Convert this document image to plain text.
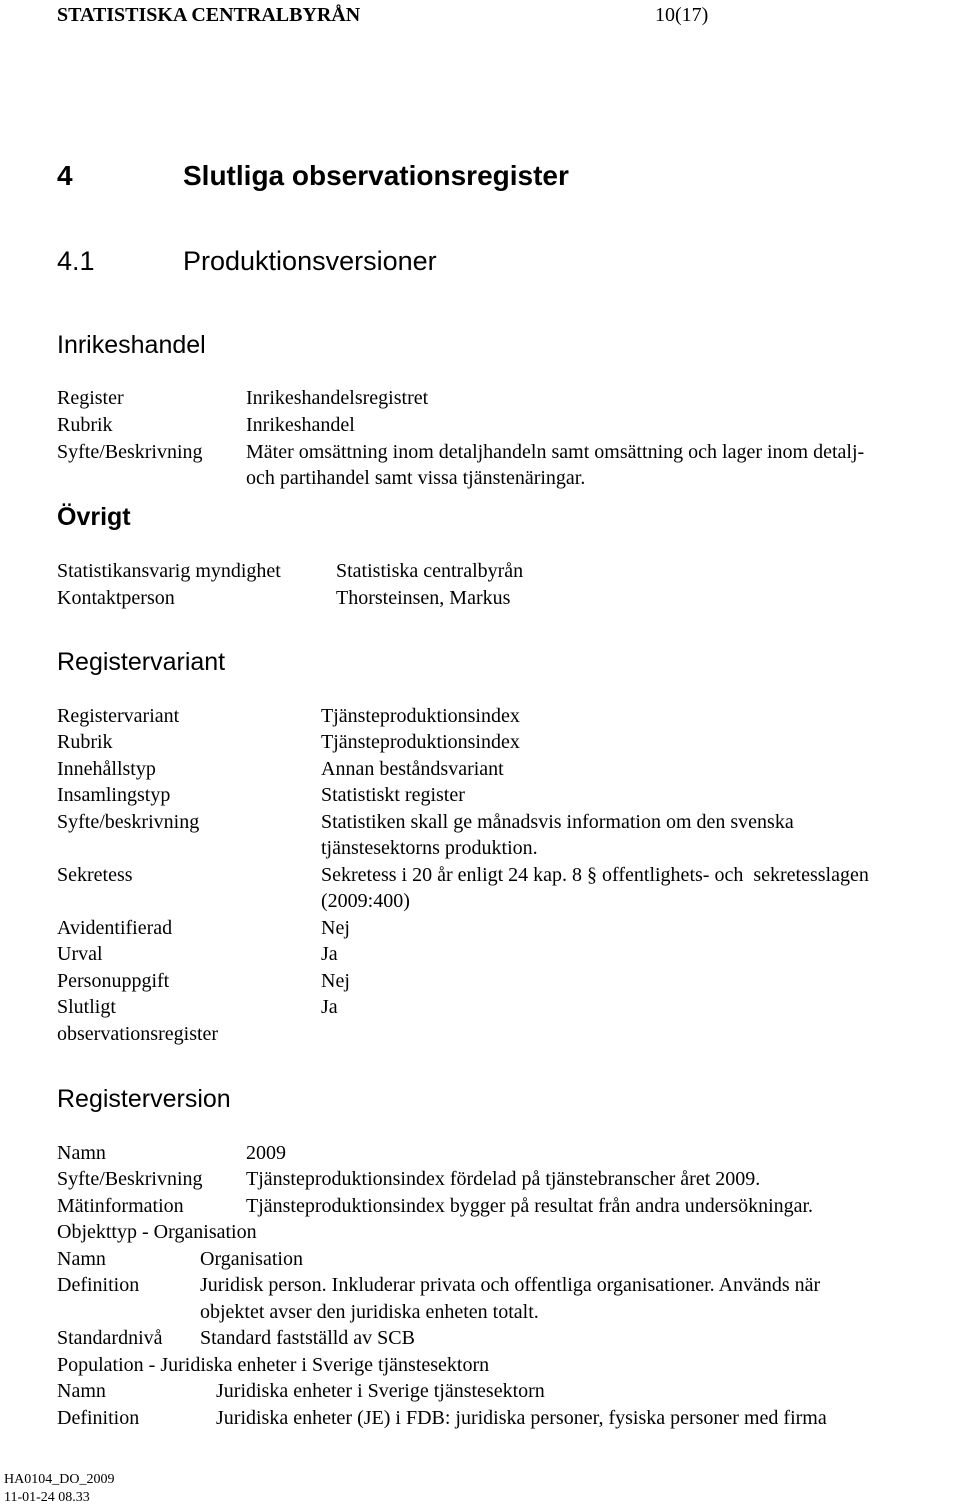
STATISTISKA CENTRALBYRÅN	10(17)
4	Slutliga observationsregister
4.1	Produktionsversioner
Inrikeshandel
Register	Inrikeshandelsregistret
Rubrik	Inrikeshandel
Syfte/Beskrivning Mäter omsättning inom detaljhandeln samt omsättning och lager inom detalj-
och partihandel samt vissa tjänstenäringar.
Övrigt
Statistikansvarig myndighet	Statistiska centralbyrån
Kontaktperson	Thorsteinsen, Markus
Registervariant
Registervariant	Tjänsteproduktionsindex
Rubrik	Tjänsteproduktionsindex
Innehållstyp	Annan beståndsvariant
Insamlingstyp	Statistiskt register
Syfte/beskrivning	Statistiken skall ge månadsvis information om den svenska
tjänstesektorns produktion.
Sekretess	Sekretess i 20 år enligt 24 kap. 8 § offentlighets- och  sekretesslagen
(2009:400)
Avidentifierad	Nej
Urval	Ja
Personuppgift	Nej
Slutligt	Ja
observationsregister
Registerversion
Namn	2009
Syfte/Beskrivning Tjänsteproduktionsindex fördelad på tjänstebranscher året 2009.
Mätinformation	Tjänsteproduktionsindex bygger på resultat från andra undersökningar.
Objekttyp - Organisation
Namn	Organisation
Definition	Juridisk person. Inkluderar privata och offentliga organisationer. Används när
objektet avser den juridiska enheten totalt.
Standardnivå Standard fastställd av SCB
Population - Juridiska enheter i Sverige tjänstesektorn
Namn	Juridiska enheter i Sverige tjänstesektorn
Definition	Juridiska enheter (JE) i FDB: juridiska personer, fysiska personer med firma
HA0104_DO_2009
11-01-24 08.33
